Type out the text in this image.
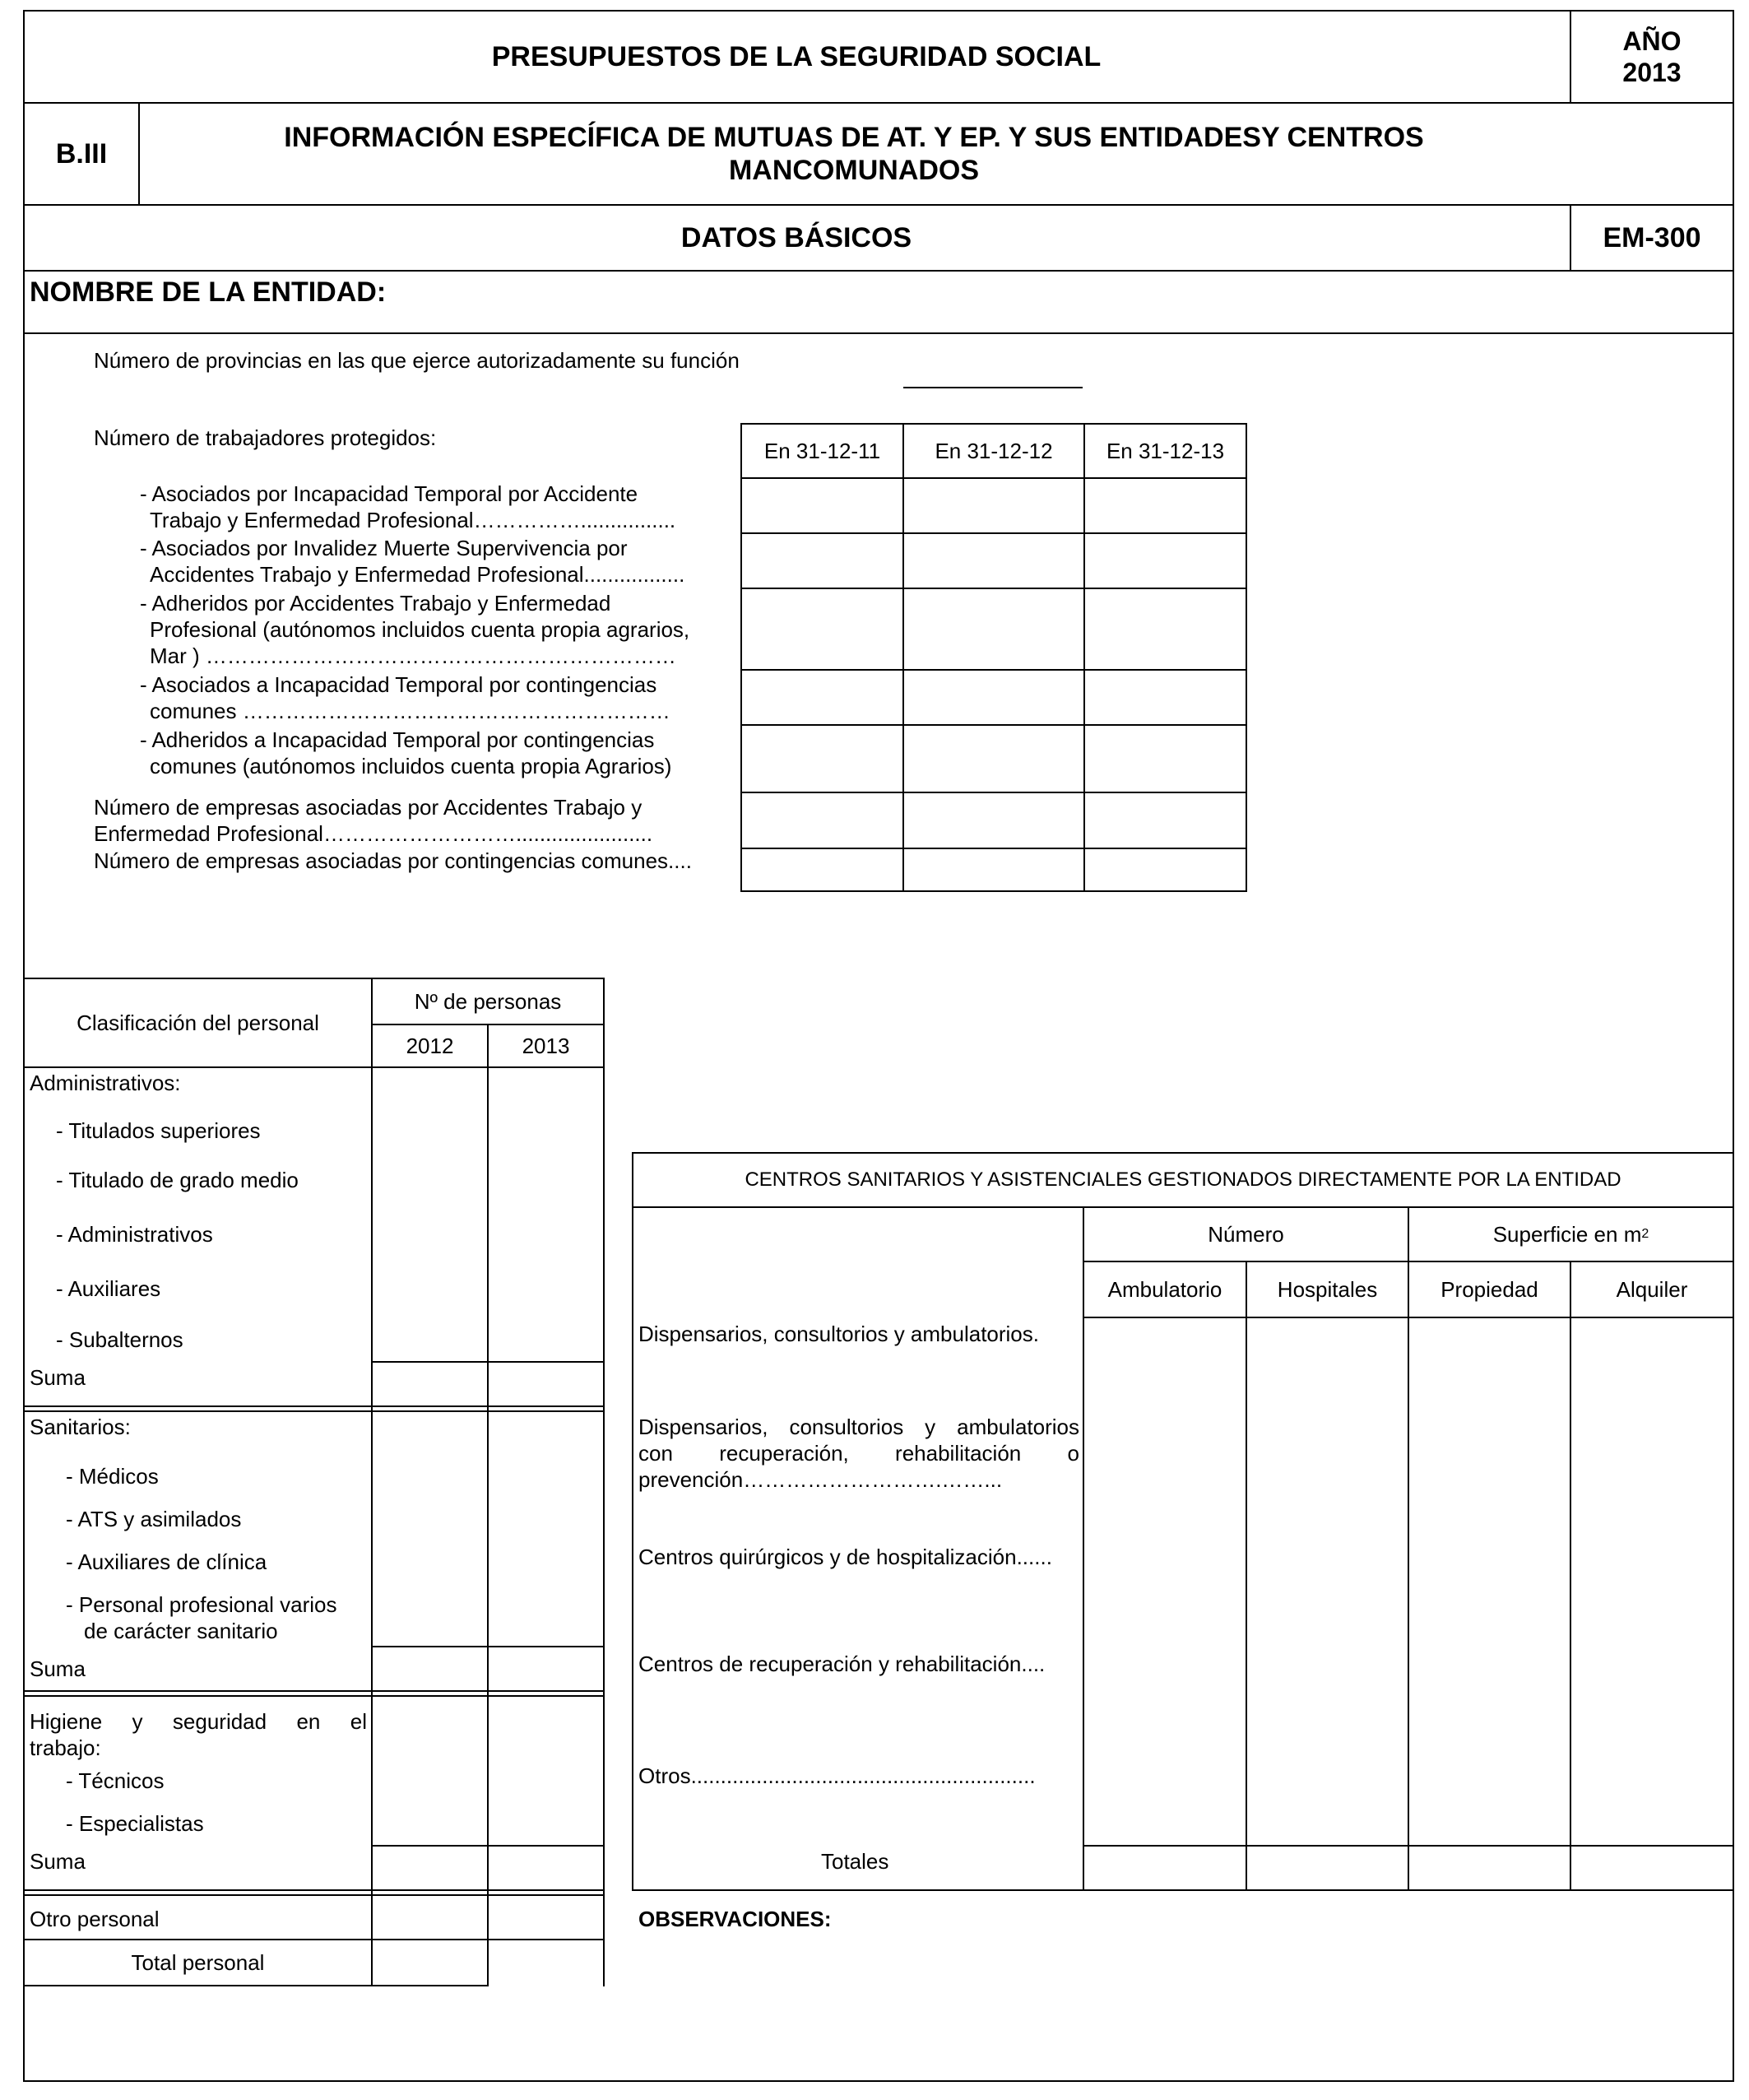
PRESUPUESTOS DE LA SEGURIDAD SOCIAL	AÑO
2013
B.III
INFORMACIÓN ESPECÍFICA DE MUTUAS DE AT. Y EP. Y SUS ENTIDADESY CENTROS
MANCOMUNADOS
DATOS BÁSICOS	EM-300
NOMBRE DE LA ENTIDAD:
Número de provincias en las que ejerce autorizadamente su función
Número de trabajadores protegidos:
En 31-12-11	En 31-12-12	En 31-12-13
- Asociados por Incapacidad Temporal por Accidente
Trabajo y Enfermedad Profesional……………................
- Asociados por Invalidez Muerte Supervivencia por
Accidentes Trabajo y Enfermedad Profesional.................
- Adheridos por Accidentes Trabajo y Enfermedad
Profesional (autónomos incluidos cuenta propia agrarios,
Mar ) …………………………………………………………
- Asociados a Incapacidad Temporal por contingencias
comunes ……………………………………………………
- Adheridos a Incapacidad Temporal por contingencias
comunes (autónomos incluidos cuenta propia Agrarios)
Número de empresas asociadas por Accidentes Trabajo y
Enfermedad Profesional……………………….......................
Número de empresas asociadas por contingencias comunes....
Clasificación del personal
Nº de personas
2012	2013
Administrativos:
- Titulados superiores
- Titulado de grado medio
- Administrativos
- Auxiliares
- Subalternos
Suma
Sanitarios:
- Médicos
- ATS y asimilados
- Auxiliares de clínica
- Personal profesional varios
de carácter sanitario
Suma
Higiene y seguridad en el
trabajo:
- Técnicos
- Especialistas
Suma
Otro personal
Total personal
CENTROS SANITARIOS Y ASISTENCIALES GESTIONADOS DIRECTAMENTE POR LA ENTIDAD
Número	Superficie en m 2
Ambulatorio	Hospitales	Propiedad	Alquiler
Dispensarios, consultorios y ambulatorios.
Dispensarios, consultorios y ambulatorios
con recuperación, rehabilitación o
prevención……………………….……...
Centros quirúrgicos y de hospitalización......
Centros de recuperación y rehabilitación....
Otros..........................................................
Totales
OBSERVACIONES:
